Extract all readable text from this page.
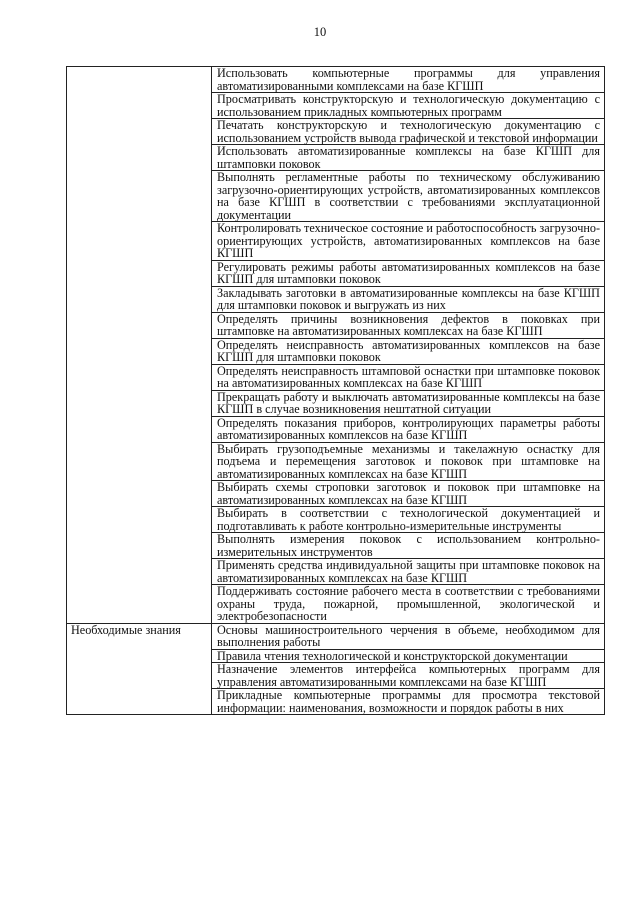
10
	Использовать компьютерные программы для управления автоматизированными комплексами на базе КГШП
	Просматривать конструкторскую и технологическую документацию с использованием прикладных компьютерных программ
	Печатать конструкторскую и технологическую документацию с использованием устройств вывода графической и текстовой информации
	Использовать автоматизированные комплексы на базе КГШП для штамповки поковок
	Выполнять регламентные работы по техническому обслуживанию загрузочно-ориентирующих устройств, автоматизированных комплексов на базе КГШП в соответствии с требованиями эксплуатационной документации
	Контролировать техническое состояние и работоспособность загрузочно-ориентирующих устройств, автоматизированных комплексов на базе КГШП
	Регулировать режимы работы автоматизированных комплексов на базе КГШП для штамповки поковок
	Закладывать заготовки в автоматизированные комплексы на базе КГШП для штамповки поковок и выгружать из них
	Определять причины возникновения дефектов в поковках при штамповке на автоматизированных комплексах на базе КГШП
	Определять неисправность автоматизированных комплексов на базе КГШП для штамповки поковок
	Определять неисправность штамповой оснастки при штамповке поковок на автоматизированных комплексах на базе КГШП
	Прекращать работу и выключать автоматизированные комплексы на базе КГШП в случае возникновения нештатной ситуации
	Определять показания приборов, контролирующих параметры работы автоматизированных комплексов на базе КГШП
	Выбирать грузоподъемные механизмы и такелажную оснастку для подъема и перемещения заготовок и поковок при штамповке на автоматизированных комплексах на базе КГШП
	Выбирать схемы строповки заготовок и поковок при штамповке на автоматизированных комплексах на базе КГШП
	Выбирать в соответствии с технологической документацией и подготавливать к работе контрольно-измерительные инструменты
	Выполнять измерения поковок с использованием контрольно-измерительных инструментов
	Применять средства индивидуальной защиты при штамповке поковок на автоматизированных комплексах на базе КГШП
	Поддерживать состояние рабочего места в соответствии с требованиями охраны труда, пожарной, промышленной, экологической и электробезопасности
Необходимые знания	Основы машиностроительного черчения в объеме, необходимом для выполнения работы
	Правила чтения технологической и конструкторской документации
	Назначение элементов интерфейса компьютерных программ для управления автоматизированными комплексами на базе КГШП
	Прикладные компьютерные программы для просмотра текстовой информации: наименования, возможности и порядок работы в них
